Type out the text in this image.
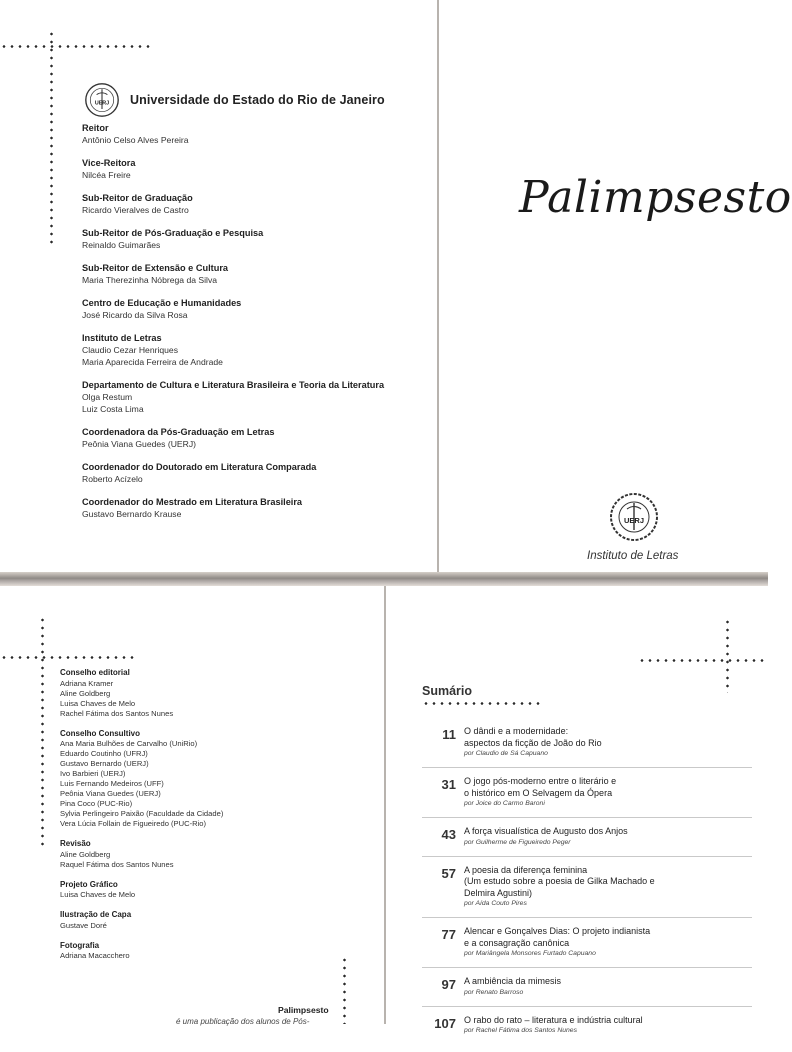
UERJ Universidade do Estado do Rio de Janeiro
Reitor
Antônio Celso Alves Pereira
Vice-Reitora
Nilcéa Freire
Sub-Reitor de Graduação
Ricardo Vieralves de Castro
Sub-Reitor de Pós-Graduação e Pesquisa
Reinaldo Guimarães
Sub-Reitor de Extensão e Cultura
Maria Therezinha Nóbrega da Silva
Centro de Educação e Humanidades
José Ricardo da Silva Rosa
Instituto de Letras
Claudio Cezar Henriques
Maria Aparecida Ferreira de Andrade
Departamento de Cultura e Literatura Brasileira e Teoria da Literatura
Olga Restum
Luiz Costa Lima
Coordenadora da Pós-Graduação em Letras
Peônia Viana Guedes (UERJ)
Coordenador do Doutorado em Literatura Comparada
Roberto Acízelo
Coordenador do Mestrado em Literatura Brasileira
Gustavo Bernardo Krause
Palimpsesto
UERJ
Instituto de Letras
Conselho editorial
Adriana Kramer
Aline Goldberg
Luisa Chaves de Melo
Rachel Fátima dos Santos Nunes
Conselho Consultivo
Ana Maria Bulhões de Carvalho (UniRio)
Eduardo Coutinho (UFRJ)
Gustavo Bernardo (UERJ)
Ivo Barbieri (UERJ)
Luis Fernando Medeiros (UFF)
Peônia Viana Guedes (UERJ)
Pina Coco (PUC-Rio)
Sylvia Perlingeiro Paixão (Faculdade da Cidade)
Vera Lúcia Follain de Figueiredo (PUC-Rio)
Revisão
Aline Goldberg
Raquel Fátima dos Santos Nunes
Projeto Gráfico
Luisa Chaves de Melo
Ilustração de Capa
Gustave Doré
Fotografia
Adriana Macacchero
Palimpsesto
é uma publicação dos alunos de Pós-
Sumário
11 O dândi e a modernidade:
aspectos da ficção de João do Rio
por Claudio de Sá Capuano
31 O jogo pós-moderno entre o literário e
o histórico em O Selvagem da Ópera
por Joice do Carmo Baroni
43 A força visualística de Augusto dos Anjos
por Guilherme de Figueiredo Peger
57 A poesia da diferença feminina
(Um estudo sobre a poesia de Gilka Machado e
Delmira Agustini)
por Aída Couto Pires
77 Alencar e Gonçalves Dias: O projeto indianista
e a consagração canônica
por Mariângela Monsores Furtado Capuano
97 A ambiência da mimesis
por Renato Barroso
107 O rabo do rato – literatura e indústria cultural
por Rachel Fátima dos Santos Nunes
